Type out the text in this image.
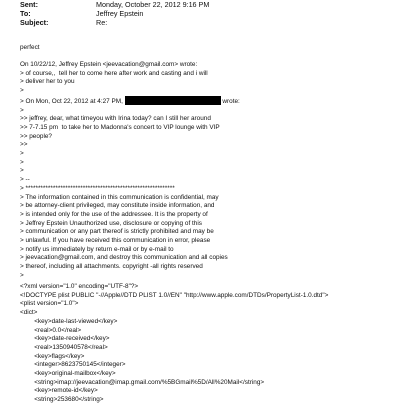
Sent:	Monday, October 22, 2012 9:16 PM
To:	Jeffrey Epstein
Subject:	Re:
perfect
On 10/22/12, Jeffrey Epstein <jeevacation@gmail.com> wrote:
> of course,,  tell her to come here after work and casting and i will
> deliver her to you
>
> On Mon, Oct 22, 2012 at 4:27 PM,	wrote:
>
>> jeffrey, dear, what timeyou with Irina today? can I still her around
>> 7-7.15 pm  to take her to Madonna's concert to VIP lounge with VIP
>> people?
>>
>
>
>
> --
> ************************************************************
> The information contained in this communication is confidential, may
> be attorney-client privileged, may constitute inside information, and
> is intended only for the use of the addressee. It is the property of
> Jeffrey Epstein Unauthorized use, disclosure or copying of this
> communication or any part thereof is strictly prohibited and may be
> unlawful. If you have received this communication in error, please
> notify us immediately by return e-mail or by e-mail to
> jeevacation@gmail.com, and destroy this communication and all copies
> thereof, including all attachments. copyright -all rights reserved
>
<?xml version="1.0" encoding="UTF-8"?>
<!DOCTYPE plist PUBLIC "-//Apple//DTD PLIST 1.0//EN" "http://www.apple.com/DTDs/PropertyList-1.0.dtd">
<plist version="1.0">
<dict>
<key>date-last-viewed</key>
<real>0.0</real>
<key>date-received</key>
<real>1350940578</real>
<key>flags</key>
<integer>8623750145</integer>
<key>original-mailbox</key>
<string>imap://jeevacation@imap.gmail.com/%5BGmail%5D/All%20Mail</string>
<key>remote-id</key>
<string>253680</string>
